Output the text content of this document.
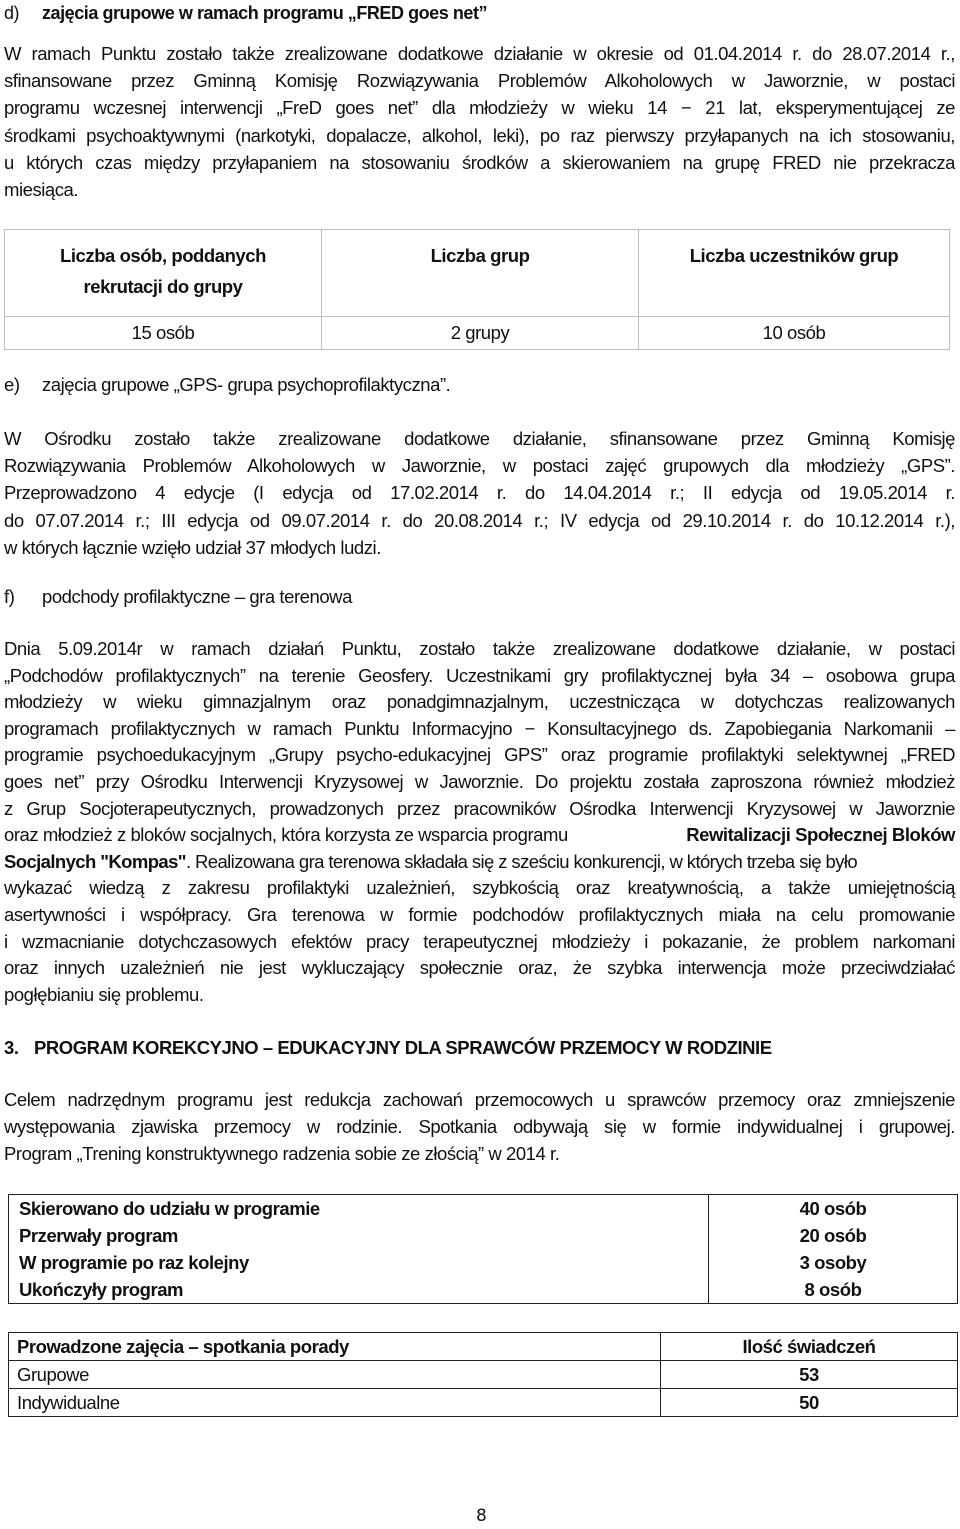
d) zajęcia grupowe w ramach programu „FRED goes net”
W ramach Punktu zostało także zrealizowane dodatkowe działanie w okresie od 01.04.2014 r. do 28.07.2014 r.,
sfinansowane przez Gminną Komisję Rozwiązywania Problemów Alkoholowych w Jaworznie, w postaci
programu wczesnej interwencji „FreD goes net” dla młodzieży w wieku 14 − 21 lat, eksperymentującej ze
środkami psychoaktywnymi (narkotyki, dopalacze, alkohol, leki), po raz pierwszy przyłapanych na ich stosowaniu,
u których czas między przyłapaniem na stosowaniu środków a skierowaniem na grupę FRED nie przekracza
miesiąca.
Liczba osób, poddanych
rekrutacji do grupy	Liczba grup	Liczba uczestników grup
15 osób	2 grupy	10 osób
e) zajęcia grupowe „GPS- grupa psychoprofilaktyczna”.
W Ośrodku zostało także zrealizowane dodatkowe działanie, sfinansowane przez Gminną Komisję
Rozwiązywania Problemów Alkoholowych w Jaworznie, w postaci zajęć grupowych dla młodzieży „GPS”.
Przeprowadzono 4 edycje (I edycja od 17.02.2014 r. do 14.04.2014 r.; II edycja od 19.05.2014 r.
do 07.07.2014 r.; III edycja od 09.07.2014 r. do 20.08.2014 r.; IV edycja od 29.10.2014 r. do 10.12.2014 r.),
w których łącznie wzięło udział 37 młodych ludzi.
f) podchody profilaktyczne – gra terenowa
Dnia 5.09.2014r w ramach działań Punktu, zostało także zrealizowane dodatkowe działanie, w postaci
„Podchodów profilaktycznych” na terenie Geosfery. Uczestnikami gry profilaktycznej była 34 – osobowa grupa
młodzieży w wieku gimnazjalnym oraz ponadgimnazjalnym, uczestnicząca w dotychczas realizowanych
programach profilaktycznych w ramach Punktu Informacyjno − Konsultacyjnego ds. Zapobiegania Narkomanii –
programie psychoedukacyjnym „Grupy psycho-edukacyjnej GPS” oraz programie profilaktyki selektywnej „FRED
goes net” przy Ośrodku Interwencji Kryzysowej w Jaworznie. Do projektu została zaproszona również młodzież
z Grup Socjoterapeutycznych, prowadzonych przez pracowników Ośrodka Interwencji Kryzysowej w Jaworznie
oraz młodzież z bloków socjalnych, która korzysta ze wsparcia programu	Rewitalizacji Społecznej Bloków
Socjalnych "Kompas". Realizowana gra terenowa składała się z sześciu konkurencji, w których trzeba się było
wykazać wiedzą z zakresu profilaktyki uzależnień, szybkością oraz kreatywnością, a także umiejętnością
asertywności i współpracy. Gra terenowa w formie podchodów profilaktycznych miała na celu promowanie
i wzmacnianie dotychczasowych efektów pracy terapeutycznej młodzieży i pokazanie, że problem narkomani
oraz innych uzależnień nie jest wykluczający społecznie oraz, że szybka interwencja może przeciwdziałać
pogłębianiu się problemu.
3. PROGRAM KOREKCYJNO – EDUKACYJNY DLA SPRAWCÓW PRZEMOCY W RODZINIE
Celem nadrzędnym programu jest redukcja zachowań przemocowych u sprawców przemocy oraz zmniejszenie
występowania zjawiska przemocy w rodzinie. Spotkania odbywają się w formie indywidualnej i grupowej.
Program „Trening konstruktywnego radzenia sobie ze złością” w 2014 r.
Skierowano do udziału w programie	40 osób
Przerwały program	20 osób
W programie po raz kolejny	3 osoby
Ukończyły program	8 osób
Prowadzone zajęcia – spotkania porady	Ilość świadczeń
Grupowe	53
Indywidualne	50
8
